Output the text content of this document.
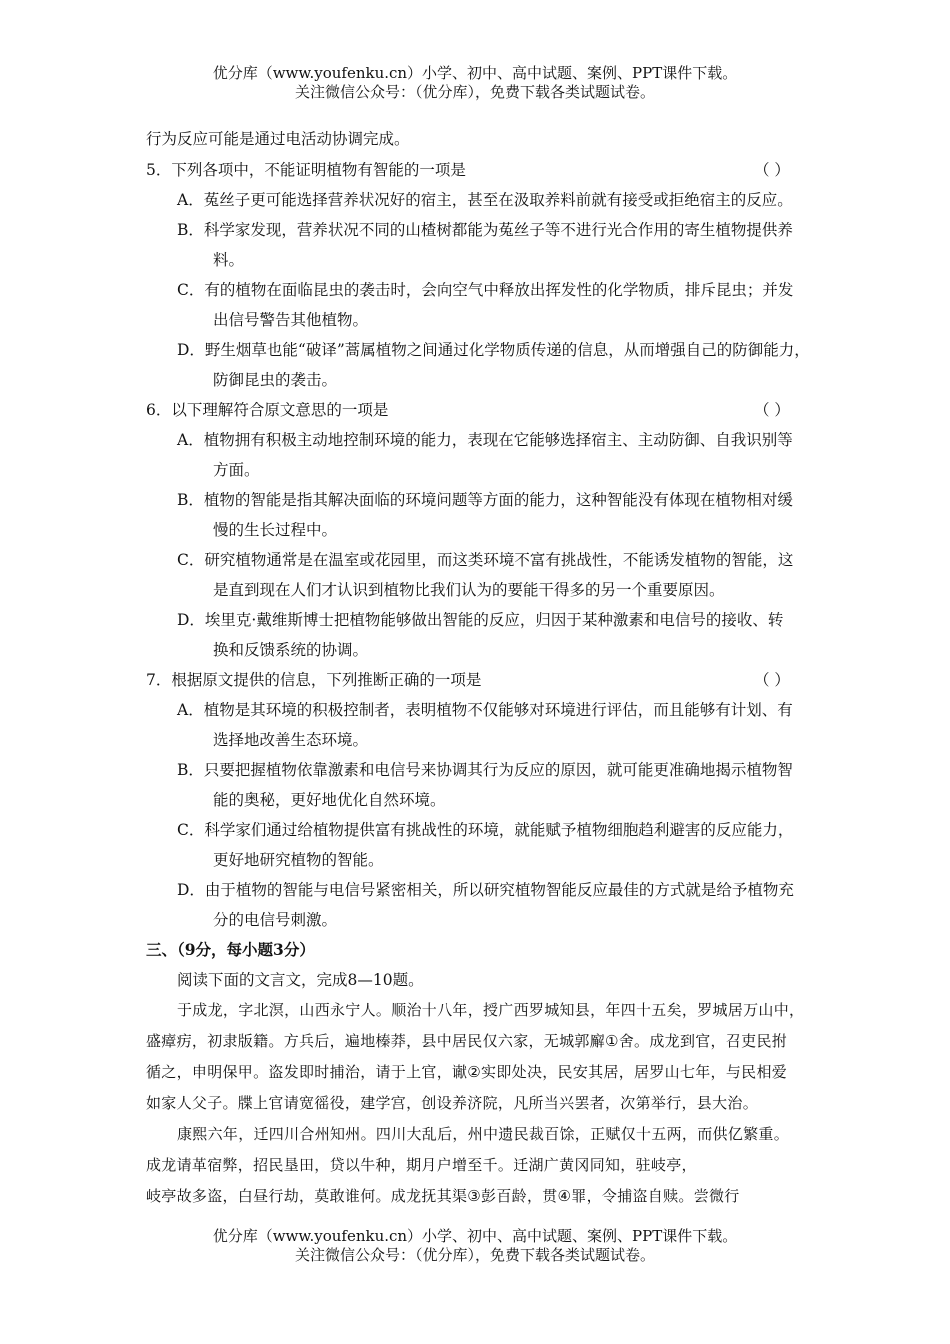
优分库（www.youfenku.cn）小学、初中、高中试题、案例、PPT课件下载。
关注微信公众号：（优分库），免费下载各类试题试卷。

行为反应可能是通过电活动协调完成。

5．下列各项中，不能证明植物有智能的一项是	（ ）
A．菟丝子更可能选择营养状况好的宿主，甚至在汲取养料前就有接受或拒绝宿主的反应。
B．科学家发现，营养状况不同的山楂树都能为菟丝子等不进行光合作用的寄生植物提供养
料。
C．有的植物在面临昆虫的袭击时，会向空气中释放出挥发性的化学物质，排斥昆虫；并发
出信号警告其他植物。
D．野生烟草也能“破译”蒿属植物之间通过化学物质传递的信息，从而增强自己的防御能力，
防御昆虫的袭击。
6．以下理解符合原文意思的一项是	（ ）
A．植物拥有积极主动地控制环境的能力，表现在它能够选择宿主、主动防御、自我识别等
方面。
B．植物的智能是指其解决面临的环境问题等方面的能力，这种智能没有体现在植物相对缓
慢的生长过程中。
C．研究植物通常是在温室或花园里，而这类环境不富有挑战性，不能诱发植物的智能，这
是直到现在人们才认识到植物比我们认为的要能干得多的另一个重要原因。
D．埃里克·戴维斯博士把植物能够做出智能的反应，归因于某种激素和电信号的接收、转
换和反馈系统的协调。
7．根据原文提供的信息，下列推断正确的一项是	（ ）
A．植物是其环境的积极控制者，表明植物不仅能够对环境进行评估，而且能够有计划、有
选择地改善生态环境。
B．只要把握植物依靠激素和电信号来协调其行为反应的原因，就可能更准确地揭示植物智
能的奥秘，更好地优化自然环境。
C．科学家们通过给植物提供富有挑战性的环境，就能赋予植物细胞趋利避害的反应能力，
更好地研究植物的智能。
D．由于植物的智能与电信号紧密相关，所以研究植物智能反应最佳的方式就是给予植物充
分的电信号刺激。

三、（9分，每小题3分）

阅读下面的文言文，完成8—10题。

于成龙，字北溟，山西永宁人。顺治十八年，授广西罗城知县，年四十五矣，罗城居万山中，
盛瘴疠，初隶版籍。方兵后，遍地榛莽，县中居民仅六家，无城郭廨①舍。成龙到官，召吏民拊
循之，申明保甲。盗发即时捕治，请于上官，谳②实即处决，民安其居，居罗山七年，与民相爱
如家人父子。牒上官请宽徭役，建学宫，创设养济院，凡所当兴罢者，次第举行，县大治。
康熙六年，迁四川合州知州。四川大乱后，州中遗民裁百馀，正赋仅十五两，而供亿繁重。
成龙请革宿弊，招民垦田，贷以牛种，期月户增至千。迁湖广黄冈同知，驻岐亭，
岐亭故多盗，白昼行劫，莫敢谁何。成龙抚其渠③彭百龄，贯④罪，令捕盗自赎。尝微行
优分库（www.youfenku.cn）小学、初中、高中试题、案例、PPT课件下载。
关注微信公众号：（优分库），免费下载各类试题试卷。
